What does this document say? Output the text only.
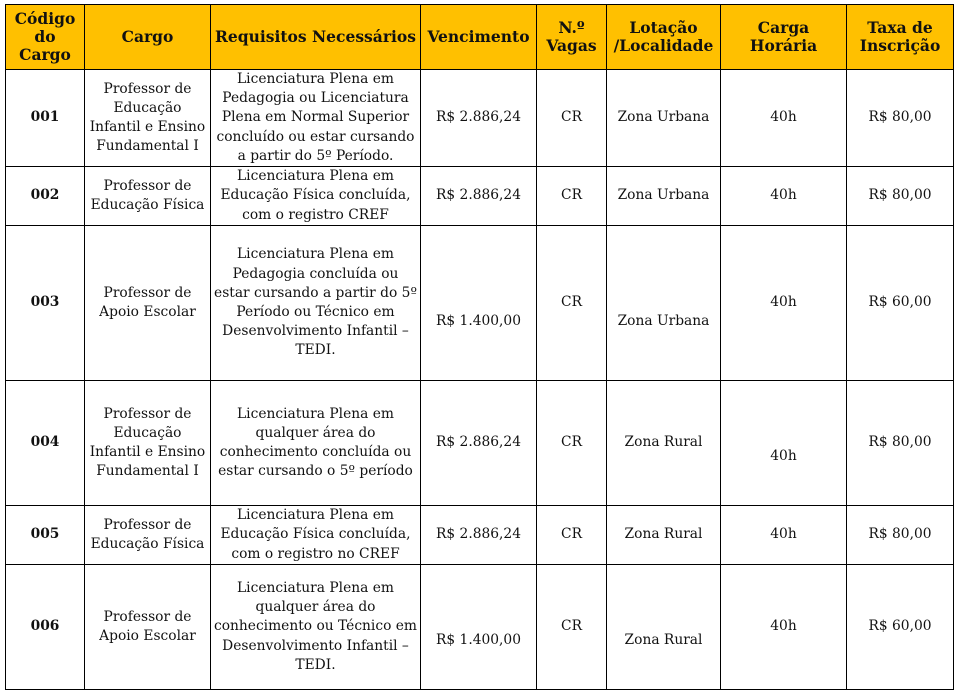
Código do Cargo	Cargo	Requisitos Necessários	Vencimento	N.º Vagas	Lotação /Localidade	Carga Horária	Taxa de Inscrição
001	Professor de Educação Infantil e Ensino Fundamental I	Licenciatura Plena em Pedagogia ou Licenciatura Plena em Normal Superior concluído ou estar cursando a partir do 5º Período.	R$ 2.886,24	CR	Zona Urbana	40h	R$ 80,00
002	Professor de Educação Física	Licenciatura Plena em Educação Física concluída, com o registro CREF	R$ 2.886,24	CR	Zona Urbana	40h	R$ 80,00
003	Professor de Apoio Escolar	Licenciatura Plena em Pedagogia concluída ou estar cursando a partir do 5º Período ou Técnico em Desenvolvimento Infantil – TEDI.	R$ 1.400,00	CR	Zona Urbana	40h	R$ 60,00
004	Professor de Educação Infantil e Ensino Fundamental I	Licenciatura Plena em qualquer área do conhecimento concluída ou estar cursando o 5º período	R$ 2.886,24	CR	Zona Rural	40h	R$ 80,00
005	Professor de Educação Física	Licenciatura Plena em Educação Física concluída, com o registro no CREF	R$ 2.886,24	CR	Zona Rural	40h	R$ 80,00
006	Professor de Apoio Escolar	Licenciatura Plena em qualquer área do conhecimento ou Técnico em Desenvolvimento Infantil – TEDI.	R$ 1.400,00	CR	Zona Rural	40h	R$ 60,00
